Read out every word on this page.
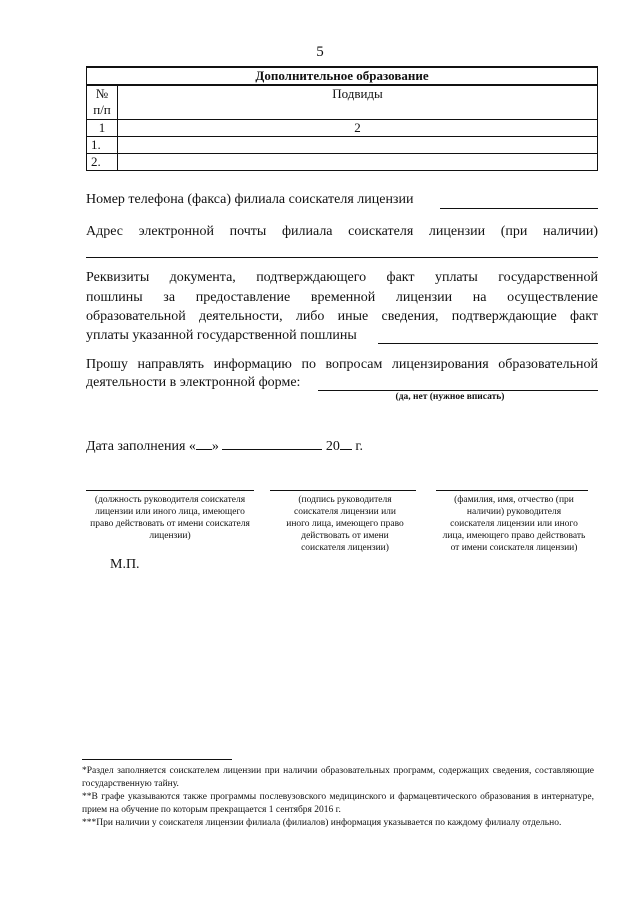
5
Дополнительное образование	
№
п/п	Подвиды
1	2
1.	
2.	
Номер телефона (факса) филиала соискателя лицензии
Адрес электронной почты филиала соискателя лицензии (при наличии)
Реквизиты документа, подтверждающего факт уплаты государственной
пошлины за предоставление временной лицензии на осуществление
образовательной деятельности, либо иные сведения, подтверждающие факт
уплаты указанной государственной пошлины
Прошу направлять информацию по вопросам лицензирования образовательной
деятельности в электронной форме:
(да, нет (нужное вписать)
Дата заполнения « »	20 г.
(должность руководителя соискателя
лицензии или иного лица, имеющего
право действовать от имени соискателя
лицензии)
(подпись руководителя
соискателя лицензии или
иного лица, имеющего право
действовать от имени
соискателя лицензии)
(фамилия, имя, отчество (при
наличии) руководителя
соискателя лицензии или иного
лица, имеющего право действовать
от имени соискателя лицензии)
М.П.
*Раздел заполняется соискателем лицензии при наличии образовательных программ, содержащих сведения, составляющие государственную тайну.
**В графе указываются также программы послевузовского медицинского и фармацевтического образования в интернатуре, прием на обучение по которым прекращается 1 сентября 2016 г.
***При наличии у соискателя лицензии филиала (филиалов) информация указывается по каждому филиалу отдельно.
